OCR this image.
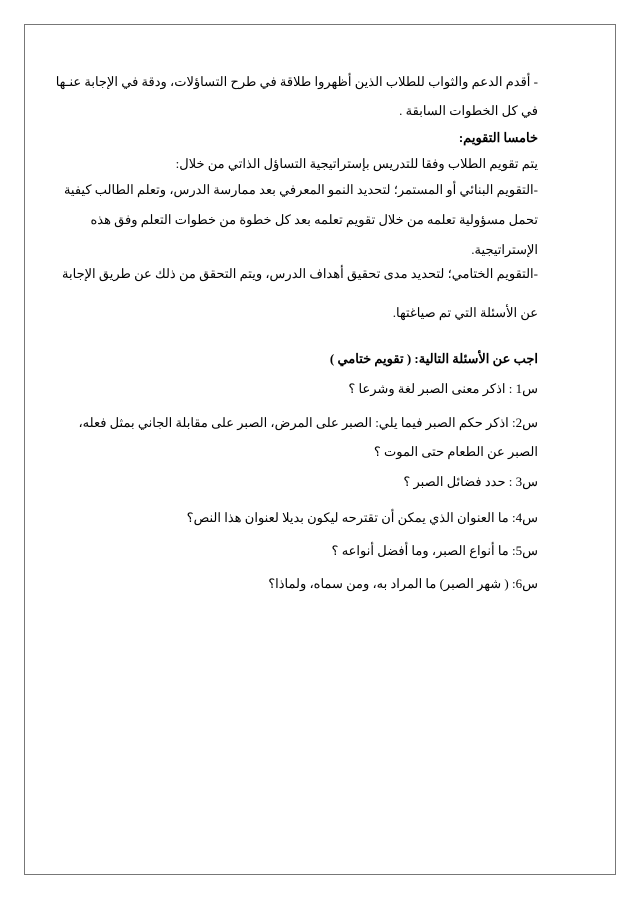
- أقدم الدعم والثواب للطلاب الذين أظهروا طلاقة في طرح التساؤلات، ودقة في الإجابة عنـها
في كل الخطوات السابقة .
خامسا التقويم:
يتم تقويم الطلاب وفقا للتدريس بإستراتيجية التساؤل الذاتي من خلال:
-التقويم البنائي أو المستمر؛ لتحديد النمو المعرفي بعد ممارسة الدرس، وتعلم الطالب كيفية
تحمل مسؤولية تعلمه من خلال تقويم تعلمه بعد كل خطوة من خطوات التعلم وفق هذه
الإستراتيجية.
-التقويم الختامي؛ لتحديد مدى تحقيق أهداف الدرس، ويتم التحقق من ذلك عن طريق الإجابة
عن الأسئلة التي تم صياغتها.
اجب عن الأسئلة التالية: ( تقويم ختامي )
س1 : اذكر معنى الصبر لغة وشرعا ؟
س2: اذكر حكم الصبر فيما يلي: الصبر على المرض، الصبر على مقابلة الجاني بمثل فعله،
الصبر عن الطعام حتى الموت ؟
س3 : حدد فضائل الصبر ؟
س4: ما العنوان الذي يمكن أن تقترحه ليكون بديلا لعنوان هذا النص؟
س5: ما أنواع الصبر، وما أفضل أنواعه ؟
س6: ( شهر الصبر) ما المراد به، ومن سماه، ولماذا؟
